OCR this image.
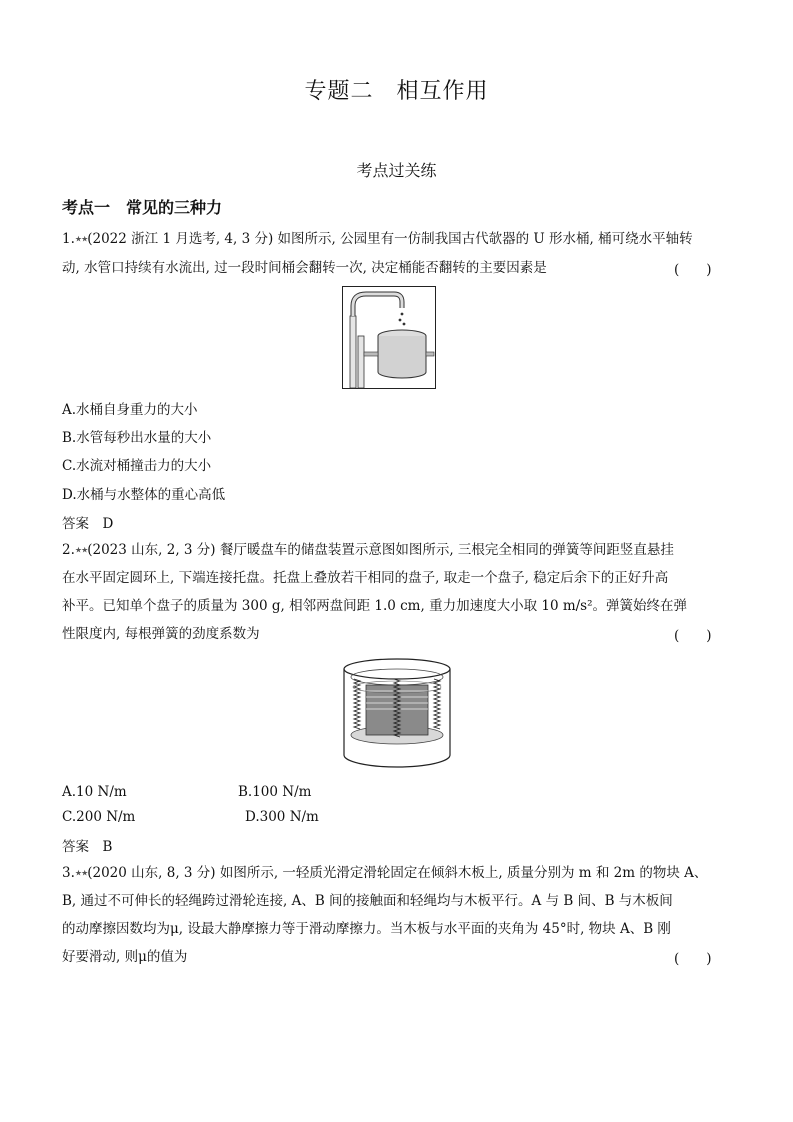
专题二　相互作用
考点过关练
考点一　常见的三种力
1.★★(2022 浙江 1 月选考, 4, 3 分) 如图所示, 公园里有一仿制我国古代欹器的 U 形水桶, 桶可绕水平轴转
动, 水管口持续有水流出, 过一段时间桶会翻转一次, 决定桶能否翻转的主要因素是	(　　)
A.水桶自身重力的大小
B.水管每秒出水量的大小
C.水流对桶撞击力的大小
D.水桶与水整体的重心高低
答案　D
2.★★(2023 山东, 2, 3 分) 餐厅暖盘车的储盘装置示意图如图所示, 三根完全相同的弹簧等间距竖直悬挂
在水平固定圆环上, 下端连接托盘。托盘上叠放若干相同的盘子, 取走一个盘子, 稳定后余下的正好升高
补平。已知单个盘子的质量为 300 g, 相邻两盘间距 1.0 cm, 重力加速度大小取 10 m/s²。弹簧始终在弹
性限度内, 每根弹簧的劲度系数为	(　　)
A.10 N/m	B.100 N/m
C.200 N/m	D.300 N/m
答案　B
3.★★(2020 山东, 8, 3 分) 如图所示, 一轻质光滑定滑轮固定在倾斜木板上, 质量分别为 m 和 2m 的物块 A、
B, 通过不可伸长的轻绳跨过滑轮连接, A、B 间的接触面和轻绳均与木板平行。A 与 B 间、B 与木板间
的动摩擦因数均为μ, 设最大静摩擦力等于滑动摩擦力。当木板与水平面的夹角为 45°时, 物块 A、B 刚
好要滑动, 则μ的值为	(　　)
